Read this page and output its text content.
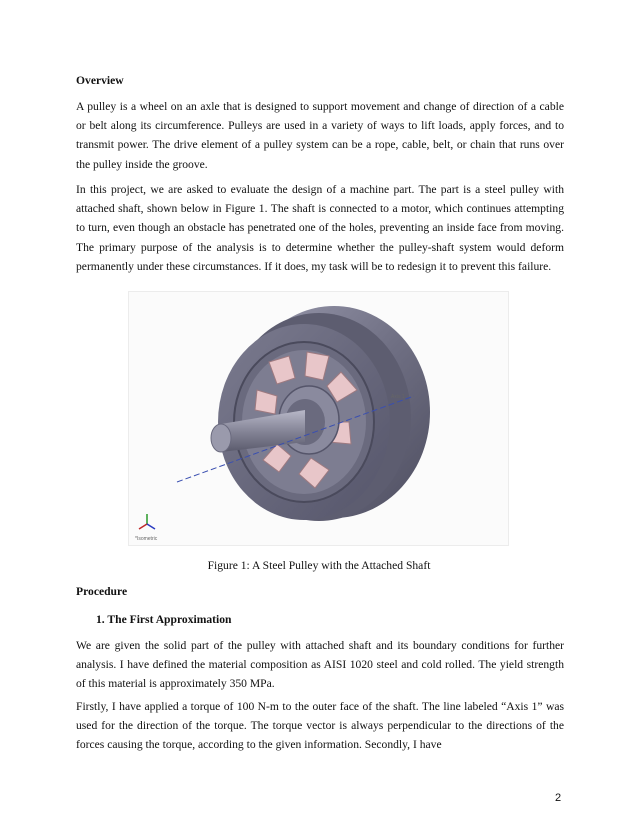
Overview

A pulley is a wheel on an axle that is designed to support movement and change of direction of a cable or belt along its circumference. Pulleys are used in a variety of ways to lift loads, apply forces, and to transmit power. The drive element of a pulley system can be a rope, cable, belt, or chain that runs over the pulley inside the groove.

In this project, we are asked to evaluate the design of a machine part. The part is a steel pulley with attached shaft, shown below in Figure 1. The shaft is connected to a motor, which continues attempting to turn, even though an obstacle has penetrated one of the holes, preventing an inside face from moving. The primary purpose of the analysis is to determine whether the pulley-shaft system would deform permanently under these circumstances. If it does, my task will be to redesign it to prevent this failure.

Axis 1
*Isometric

Figure 1: A Steel Pulley with the Attached Shaft

Procedure

1. The First Approximation

We are given the solid part of the pulley with attached shaft and its boundary conditions for further analysis. I have defined the material composition as AISI 1020 steel and cold rolled. The yield strength of this material is approximately 350 MPa.

Firstly, I have applied a torque of 100 N-m to the outer face of the shaft. The line labeled “Axis 1” was used for the direction of the torque. The torque vector is always perpendicular to the directions of the forces causing the torque, according to the given information. Secondly, I have

2
